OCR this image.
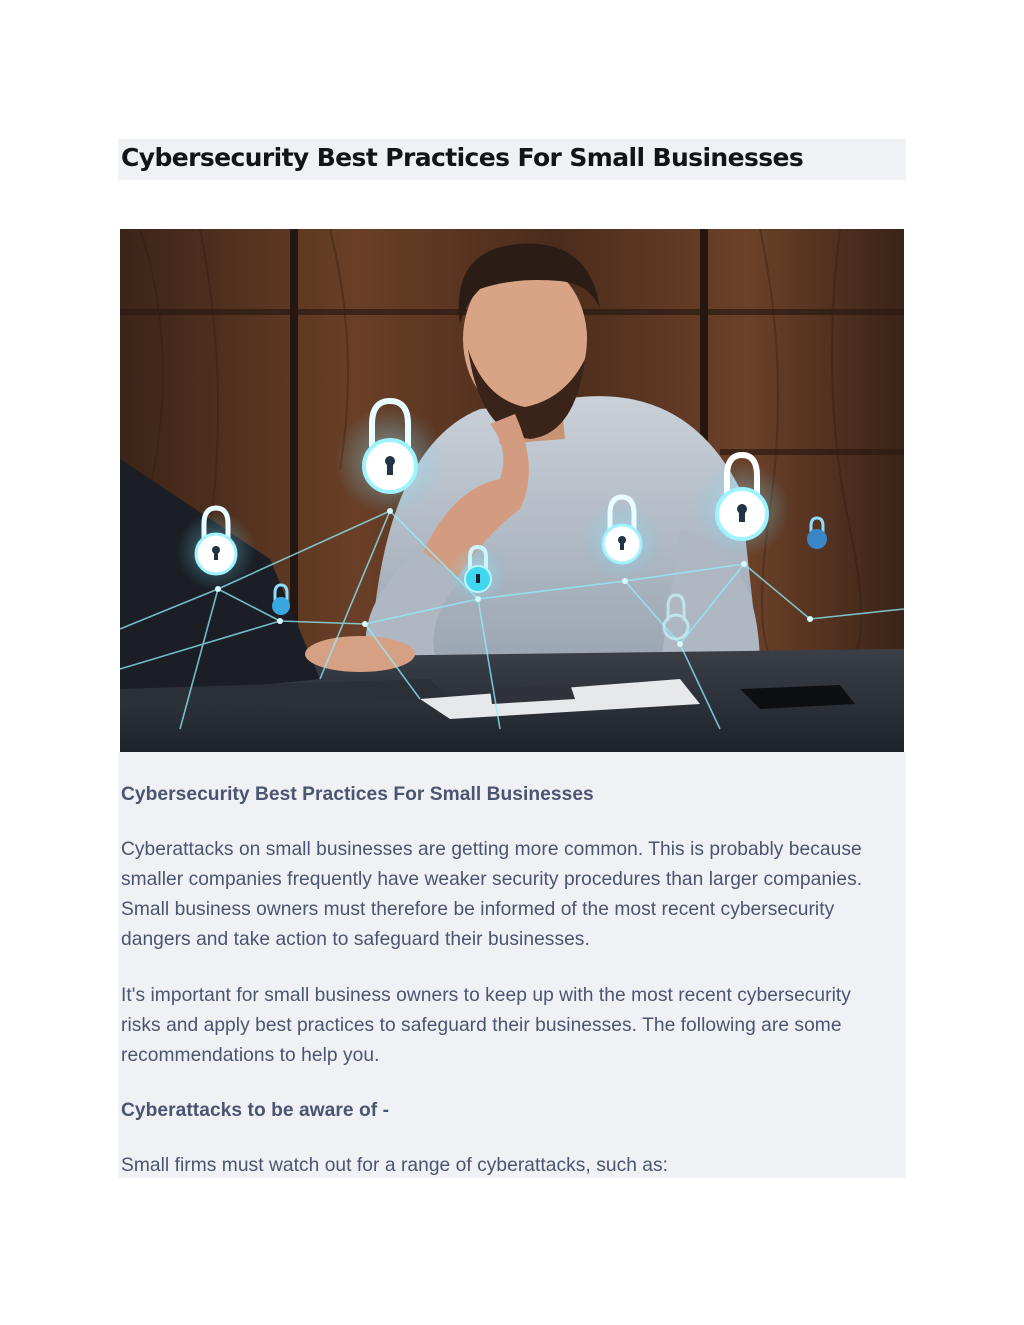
Cybersecurity Best Practices For Small Businesses

Cybersecurity Best Practices For Small Businesses

Cyberattacks on small businesses are getting more common. This is probably because smaller companies frequently have weaker security procedures than larger companies. Small business owners must therefore be informed of the most recent cybersecurity dangers and take action to safeguard their businesses.

It's important for small business owners to keep up with the most recent cybersecurity risks and apply best practices to safeguard their businesses. The following are some recommendations to help you.

Cyberattacks to be aware of -

Small firms must watch out for a range of cyberattacks, such as:
